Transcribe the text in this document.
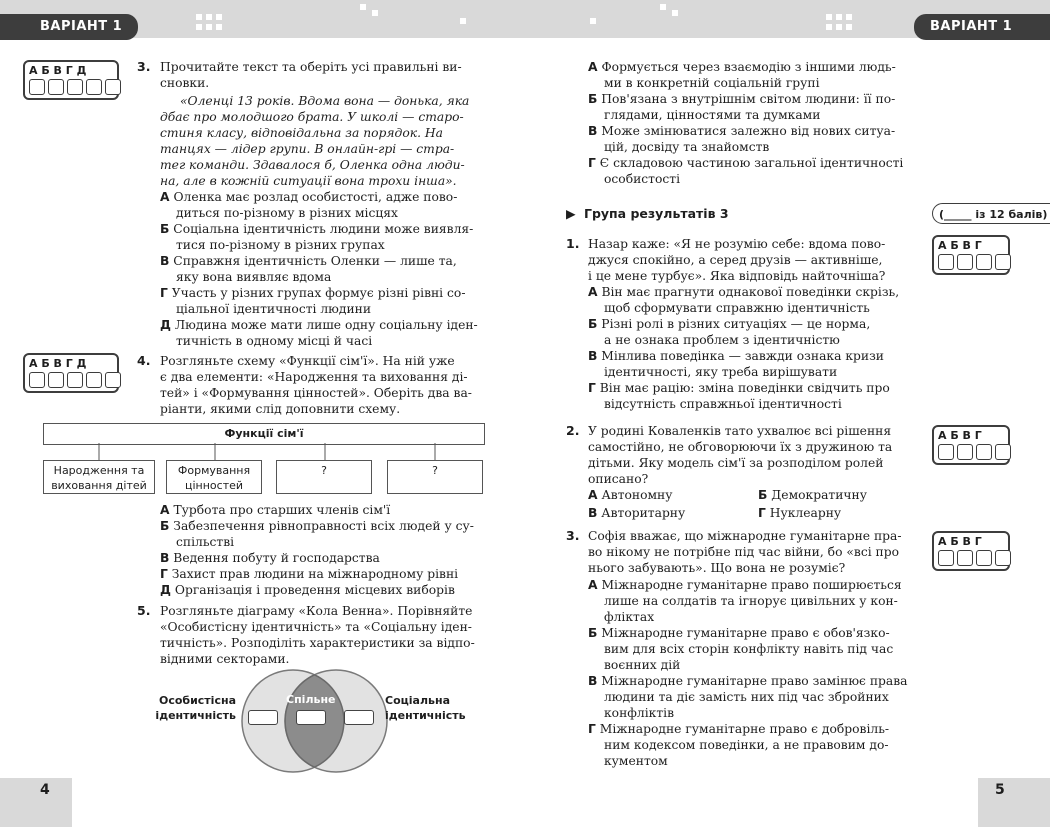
ВАРІАНТ 1	ВАРІАНТ 1
А Б В Г Д	3. Прочитайте текст та оберіть усі правильні ви-
сновки.
«Оленці 13 років. Вдома вона — донька, яка
дбає про молодшого брата. У школі — старо-
стиня класу, відповідальна за порядок. На
танцях — лідер групи. В онлайн-грі — стра-
тег команди. Здавалося б, Оленка одна люди-
на, але в кожній ситуації вона трохи інша».
А Оленка має розлад особистості, адже пово-
диться по-різному в різних місцях
Б Соціальна ідентичність людини може виявля-
тися по-різному в різних групах
В Справжня ідентичність Оленки — лише та,
яку вона виявляє вдома
Г Участь у різних групах формує різні рівні со-
ціальної ідентичності людини
Д Людина може мати лише одну соціальну іден-
тичність в одному місці й часі
А Б В Г Д	4. Розгляньте схему «Функції сім'ї». На ній уже
є два елементи: «Народження та виховання ді-
тей» і «Формування цінностей». Оберіть два ва-
ріанти, якими слід доповнити схему.
Функції сім'ї
Народження та
виховання дітей
Формування
цінностей
?	?
А Турбота про старших членів сім'ї
Б Забезпечення рівноправності всіх людей у су-
спільстві
В Ведення побуту й господарства
Г Захист прав людини на міжнародному рівні
Д Організація і проведення місцевих виборів
5. Розгляньте діаграму «Кола Венна». Порівняйте
«Особистісну ідентичність» та «Соціальну іден-
тичність». Розподіліть характеристики за відпо-
відними секторами.
Спільне
Особистісна
ідентичність
Соціальна
ідентичність
А Формується через взаємодію з іншими людь-
ми в конкретній соціальній групі
Б Пов'язана з внутрішнім світом людини: її по-
глядами, цінностями та думками
В Може змінюватися залежно від нових ситуа-
цій, досвіду та знайомств
Г Є складовою частиною загальної ідентичності
особистості
▶ Група результатів 3	(_____ із 12 балів)
1. Назар каже: «Я не розумію себе: вдома пово-
джуся спокійно, а серед друзів — активніше,
і це мене турбує». Яка відповідь найточніша?
А Він має прагнути однакової поведінки скрізь,
щоб сформувати справжню ідентичність
Б Різні ролі в різних ситуаціях — це норма,
а не ознака проблем з ідентичністю
В Мінлива поведінка — завжди ознака кризи
ідентичності, яку треба вирішувати
Г Він має рацію: зміна поведінки свідчить про
відсутність справжньої ідентичності
А Б В Г
2. У родині Коваленків тато ухвалює всі рішення
самостійно, не обговорюючи їх з дружиною та
дітьми. Яку модель сім'ї за розподілом ролей
описано?
А Автономну	Б Демократичну
В Авторитарну	Г Нуклеарну
А Б В Г
3. Софія вважає, що міжнародне гуманітарне пра-
во нікому не потрібне під час війни, бо «всі про
нього забувають». Що вона не розуміє?
А Міжнародне гуманітарне право поширюється
лише на солдатів та ігнорує цивільних у кон-
фліктах
Б Міжнародне гуманітарне право є обов'язко-
вим для всіх сторін конфлікту навіть під час
воєнних дій
В Міжнародне гуманітарне право замінює права
людини та діє замість них під час збройних
конфліктів
Г Міжнародне гуманітарне право є добровіль-
ним кодексом поведінки, а не правовим до-
кументом
А Б В Г
4	5
